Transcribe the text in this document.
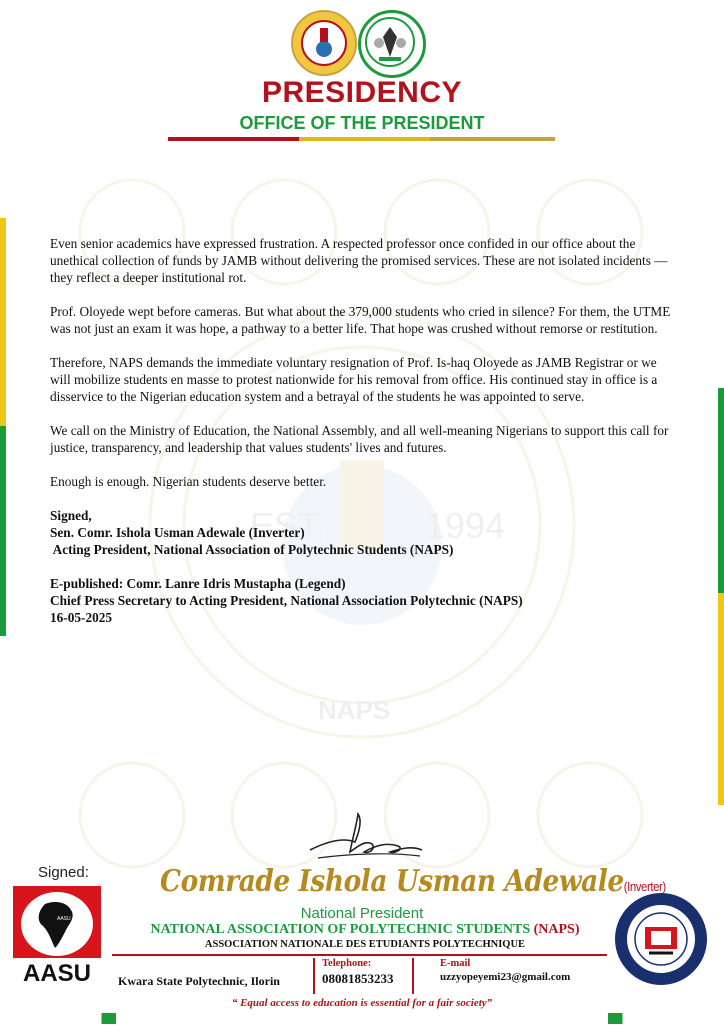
EST.	1994
NAPS
PRESIDENCY
OFFICE OF THE PRESIDENT

Even senior academics have expressed frustration. A respected professor once confided in our office about the unethical collection of funds by JAMB without delivering the promised services. These are not isolated incidents — they reflect a deeper institutional rot.

Prof. Oloyede wept before cameras. But what about the 379,000 students who cried in silence? For them, the UTME was not just an exam it was hope, a pathway to a better life. That hope was crushed without remorse or restitution.

Therefore, NAPS demands the immediate voluntary resignation of Prof. Is-haq Oloyede as JAMB Registrar or we will mobilize students en masse to protest nationwide for his removal from office. His continued stay in office is a disservice to the Nigerian education system and a betrayal of the students he was appointed to serve.

We call on the Ministry of Education, the National Assembly, and all well-meaning Nigerians to support this call for justice, transparency, and leadership that values students' lives and futures.

Enough is enough. Nigerian students deserve better.

Signed,
Sen. Comr. Ishola Usman Adewale (Inverter)
Acting President, National Association of Polytechnic Students (NAPS)
E-published: Comr. Lanre Idris Mustapha (Legend)
Chief Press Secretary to Acting President, National Association Polytechnic (NAPS)
16-05-2025
Signed: Comrade Ishola Usman Adewale(Inverter)
National President
NATIONAL ASSOCIATION OF POLYTECHNIC STUDENTS (NAPS)
ASSOCIATION NATIONALE DES ETUDIANTS POLYTECHNIQUE
Kwara State Polytechnic, Ilorin
Telephone:
08081853233
E-mail
uzzyopeyemi23@gmail.com
AASU
AASU
“ Equal access to education is essential for a fair society”
